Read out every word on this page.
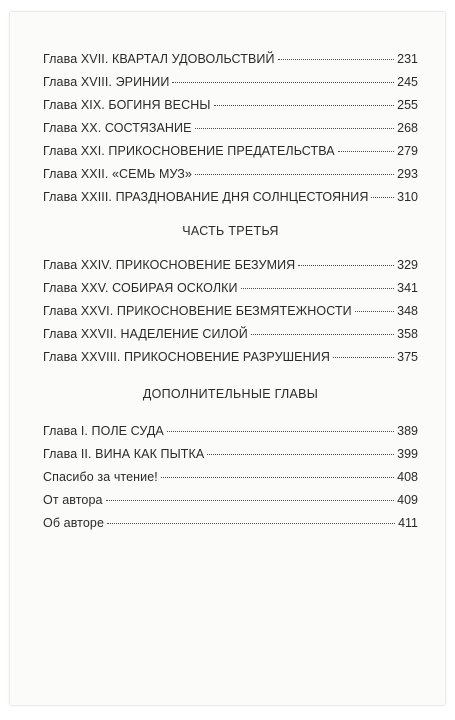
Глава XVII. КВАРТАЛ УДОВОЛЬСТВИЙ	231
Глава XVIII. ЭРИНИИ	245
Глава XIX. БОГИНЯ ВЕСНЫ	255
Глава XX. СОСТЯЗАНИЕ	268
Глава XXI. ПРИКОСНОВЕНИЕ ПРЕДАТЕЛЬСТВА	279
Глава XXII. «СЕМЬ МУЗ»	293
Глава XXIII. ПРАЗДНОВАНИЕ ДНЯ СОЛНЦЕСТОЯНИЯ 310
ЧАСТЬ ТРЕТЬЯ
Глава XXIV. ПРИКОСНОВЕНИЕ БЕЗУМИЯ	329
Глава XXV. СОБИРАЯ ОСКОЛКИ	341
Глава XXVI. ПРИКОСНОВЕНИЕ БЕЗМЯТЕЖНОСТИ	348
Глава XXVII. НАДЕЛЕНИЕ СИЛОЙ	358
Глава XXVIII. ПРИКОСНОВЕНИЕ РАЗРУШЕНИЯ	375
ДОПОЛНИТЕЛЬНЫЕ ГЛАВЫ
Глава I. ПОЛЕ СУДА	389
Глава II. ВИНА КАК ПЫТКА	399
Спасибо за чтение!	408
От автора	409
Об авторе	411
